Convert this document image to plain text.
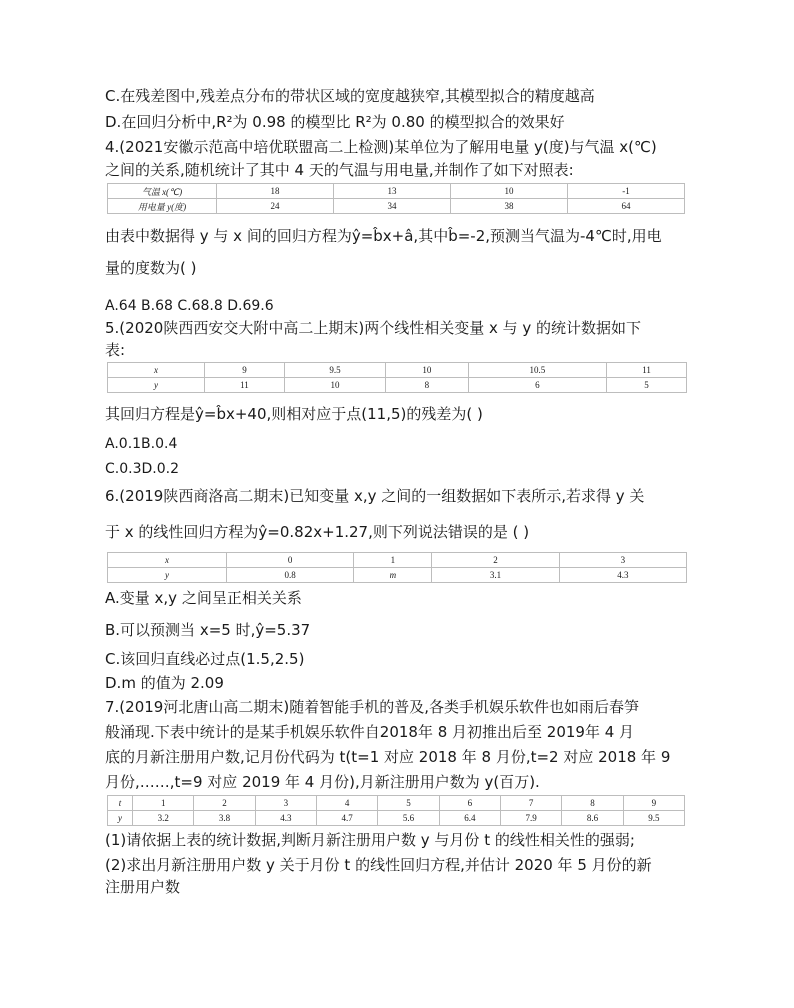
C.在残差图中,残差点分布的带状区域的宽度越狭窄,其模型拟合的精度越高
D.在回归分析中,R²为 0.98 的模型比 R²为 0.80 的模型拟合的效果好
4.(2021安徽示范高中培优联盟高二上检测)某单位为了解用电量 y(度)与气温 x(℃)
之间的关系,随机统计了其中 4 天的气温与用电量,并制作了如下对照表:
气温 x(℃)	18	13	10	-1
用电量 y(度)	24	34	38	64
由表中数据得 y 与 x 间的回归方程为ŷ=b̂x+â,其中b̂=-2,预测当气温为-4℃时,用电
量的度数为( )
A.64 B.68 C.68.8 D.69.6
5.(2020陕西西安交大附中高二上期末)两个线性相关变量 x 与 y 的统计数据如下
表:
x	9	9.5	10	10.5	11
y	11	10	8	6	5
其回归方程是ŷ=b̂x+40,则相对应于点(11,5)的残差为( )
A.0.1B.0.4
C.0.3D.0.2
6.(2019陕西商洛高二期末)已知变量 x,y 之间的一组数据如下表所示,若求得 y 关
于 x 的线性回归方程为ŷ=0.82x+1.27,则下列说法错误的是 ( )
x	0	1	2	3
y	0.8	m	3.1	4.3
A.变量 x,y 之间呈正相关关系
B.可以预测当 x=5 时,ŷ=5.37
C.该回归直线必过点(1.5,2.5)
D.m 的值为 2.09
7.(2019河北唐山高二期末)随着智能手机的普及,各类手机娱乐软件也如雨后春笋
般涌现.下表中统计的是某手机娱乐软件自2018年 8 月初推出后至 2019年 4 月
底的月新注册用户数,记月份代码为 t(t=1 对应 2018 年 8 月份,t=2 对应 2018 年 9
月份,……,t=9 对应 2019 年 4 月份),月新注册用户数为 y(百万).
t	1	2	3	4	5	6	7	8	9
y	3.2	3.8	4.3	4.7	5.6	6.4	7.9	8.6	9.5
(1)请依据上表的统计数据,判断月新注册用户数 y 与月份 t 的线性相关性的强弱;
(2)求出月新注册用户数 y 关于月份 t 的线性回归方程,并估计 2020 年 5 月份的新
注册用户数
